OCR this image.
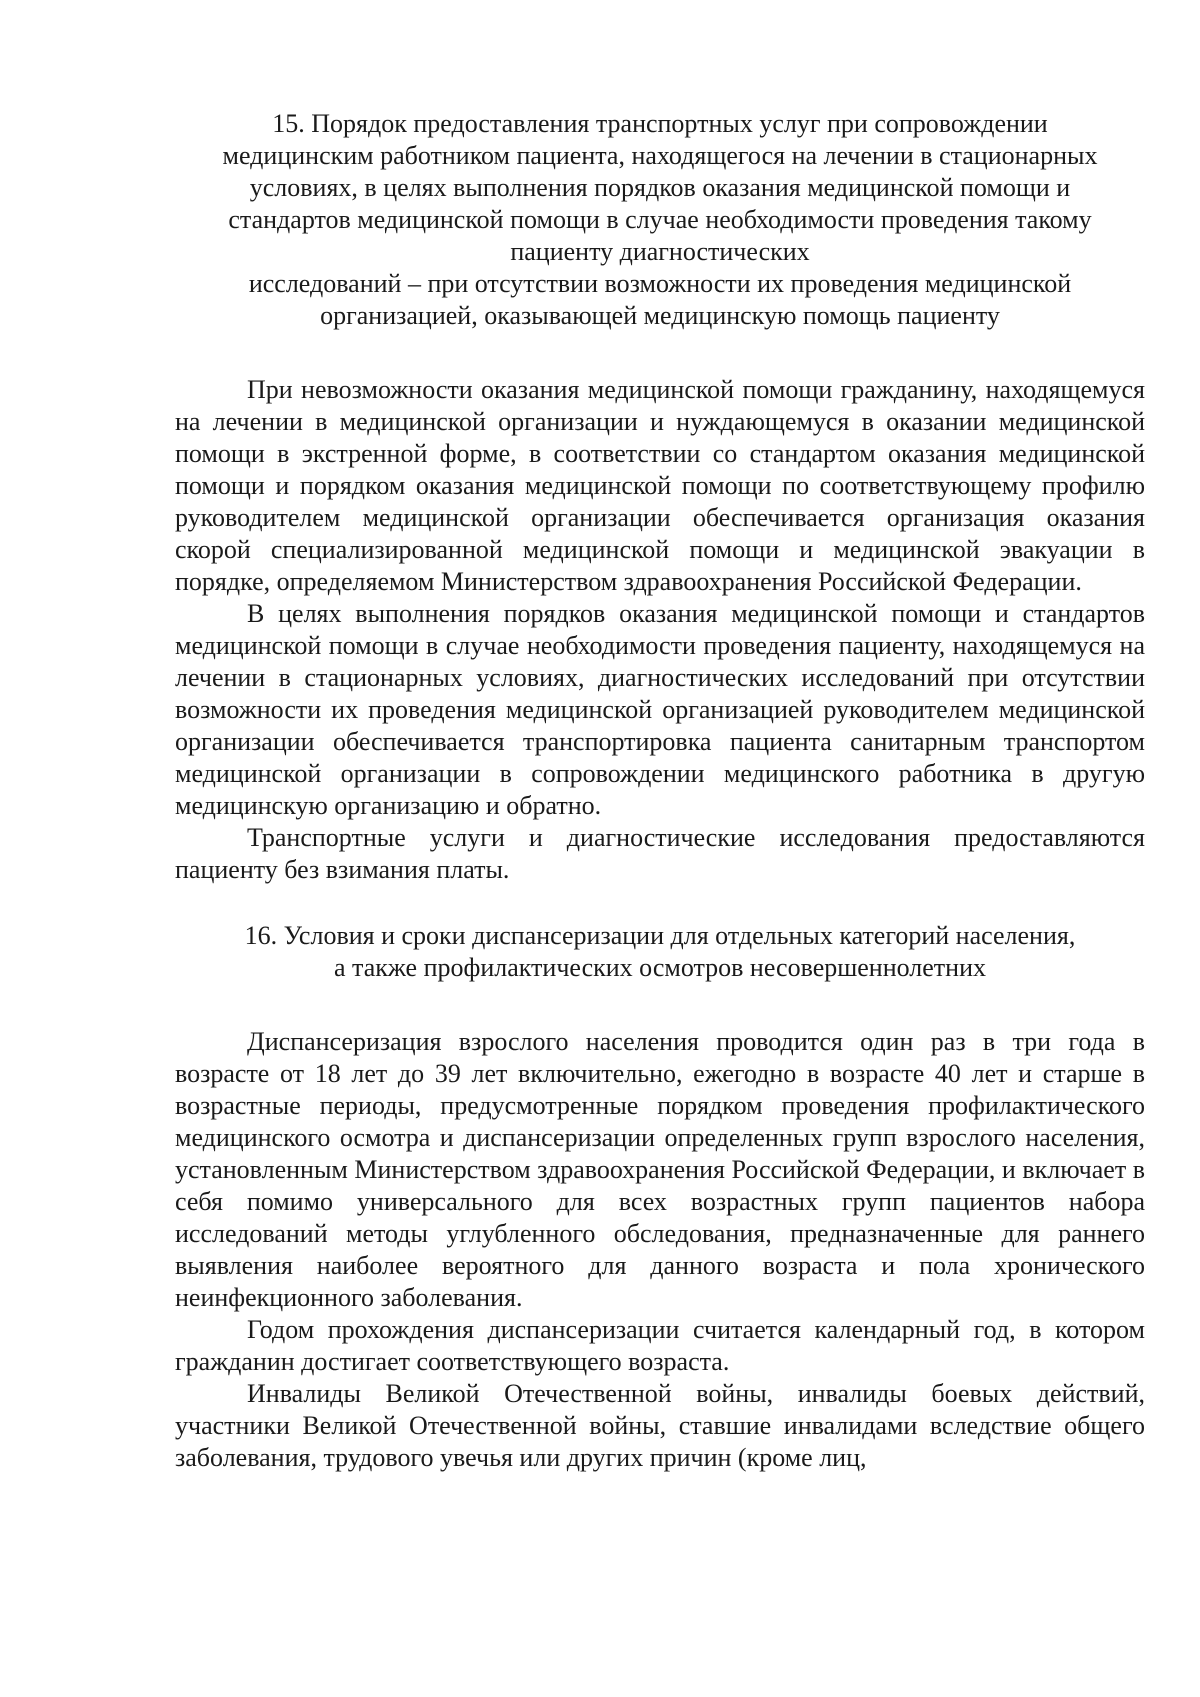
15. Порядок предоставления транспортных услуг при сопровождении
медицинским работником пациента, находящегося на лечении в стационарных
условиях, в целях выполнения порядков оказания медицинской помощи и
стандартов медицинской помощи в случае необходимости проведения такому
пациенту диагностических
исследований – при отсутствии возможности их проведения медицинской
организацией, оказывающей медицинскую помощь пациенту

При невозможности оказания медицинской помощи гражданину, находящемуся на лечении в медицинской организации и нуждающемуся в оказании медицинской помощи в экстренной форме, в соответствии со стандартом оказания медицинской помощи и порядком оказания медицинской помощи по соответствующему профилю руководителем медицинской организации обеспечивается организация оказания скорой специализированной медицинской помощи и медицинской эвакуации в порядке, определяемом Министерством здравоохранения Российской Федерации.

В целях выполнения порядков оказания медицинской помощи и стандартов медицинской помощи в случае необходимости проведения пациенту, находящемуся на лечении в стационарных условиях, диагностических исследований при отсутствии возможности их проведения медицинской организацией руководителем медицинской организации обеспечивается транспортировка пациента санитарным транспортом медицинской организации в сопровождении медицинского работника в другую медицинскую организацию и обратно.

Транспортные услуги и диагностические исследования предоставляются пациенту без взимания платы.

16. Условия и сроки диспансеризации для отдельных категорий населения,
а также профилактических осмотров несовершеннолетних

Диспансеризация взрослого населения проводится один раз в три года в возрасте от 18 лет до 39 лет включительно, ежегодно в возрасте 40 лет и старше в возрастные периоды, предусмотренные порядком проведения профилактического медицинского осмотра и диспансеризации определенных групп взрослого населения, установленным Министерством здравоохранения Российской Федерации, и включает в себя помимо универсального для всех возрастных групп пациентов набора исследований методы углубленного обследования, предназначенные для раннего выявления наиболее вероятного для данного возраста и пола хронического неинфекционного заболевания.

Годом прохождения диспансеризации считается календарный год, в котором гражданин достигает соответствующего возраста.

Инвалиды Великой Отечественной войны, инвалиды боевых действий, участники Великой Отечественной войны, ставшие инвалидами вследствие общего заболевания, трудового увечья или других причин (кроме лиц,
